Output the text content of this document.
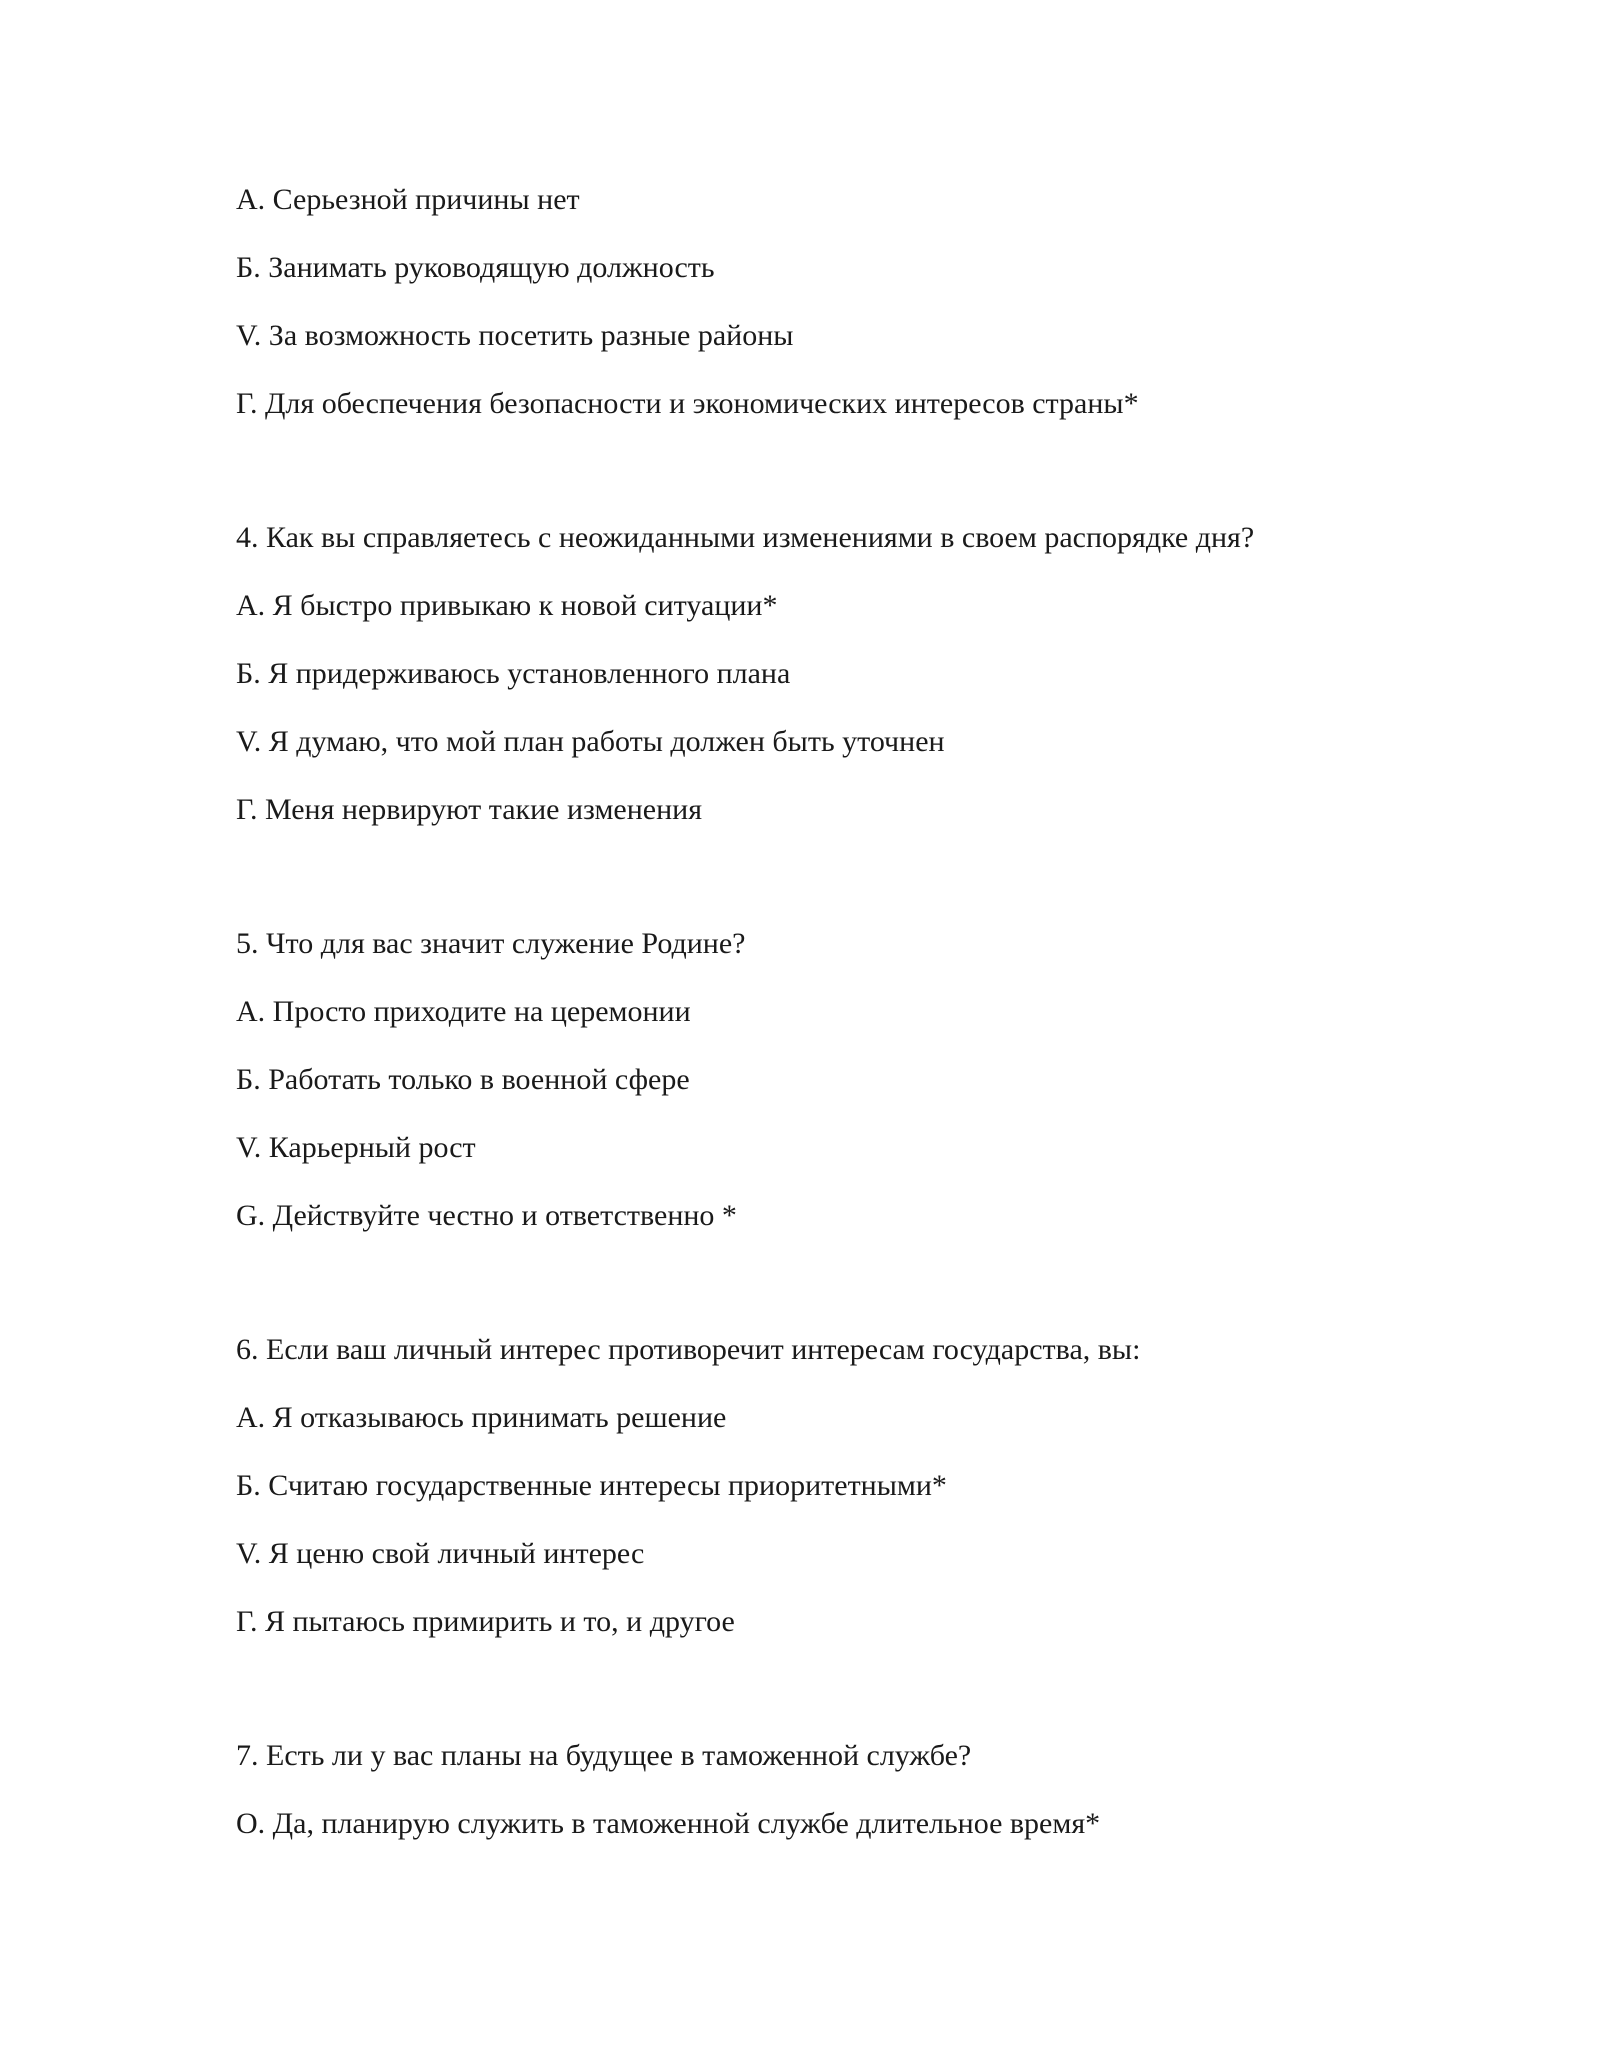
А. Серьезной причины нет

Б. Занимать руководящую должность

V. За возможность посетить разные районы

Г. Для обеспечения безопасности и экономических интересов страны*

4. Как вы справляетесь с неожиданными изменениями в своем распорядке дня?

А. Я быстро привыкаю к новой ситуации*

Б. Я придерживаюсь установленного плана

V. Я думаю, что мой план работы должен быть уточнен

Г. Меня нервируют такие изменения

5. Что для вас значит служение Родине?

А. Просто приходите на церемонии

Б. Работать только в военной сфере

V. Карьерный рост

G. Действуйте честно и ответственно *

6. Если ваш личный интерес противоречит интересам государства, вы:

А. Я отказываюсь принимать решение

Б. Считаю государственные интересы приоритетными*

V. Я ценю свой личный интерес

Г. Я пытаюсь примирить и то, и другое

7. Есть ли у вас планы на будущее в таможенной службе?

О. Да, планирую служить в таможенной службе длительное время*
